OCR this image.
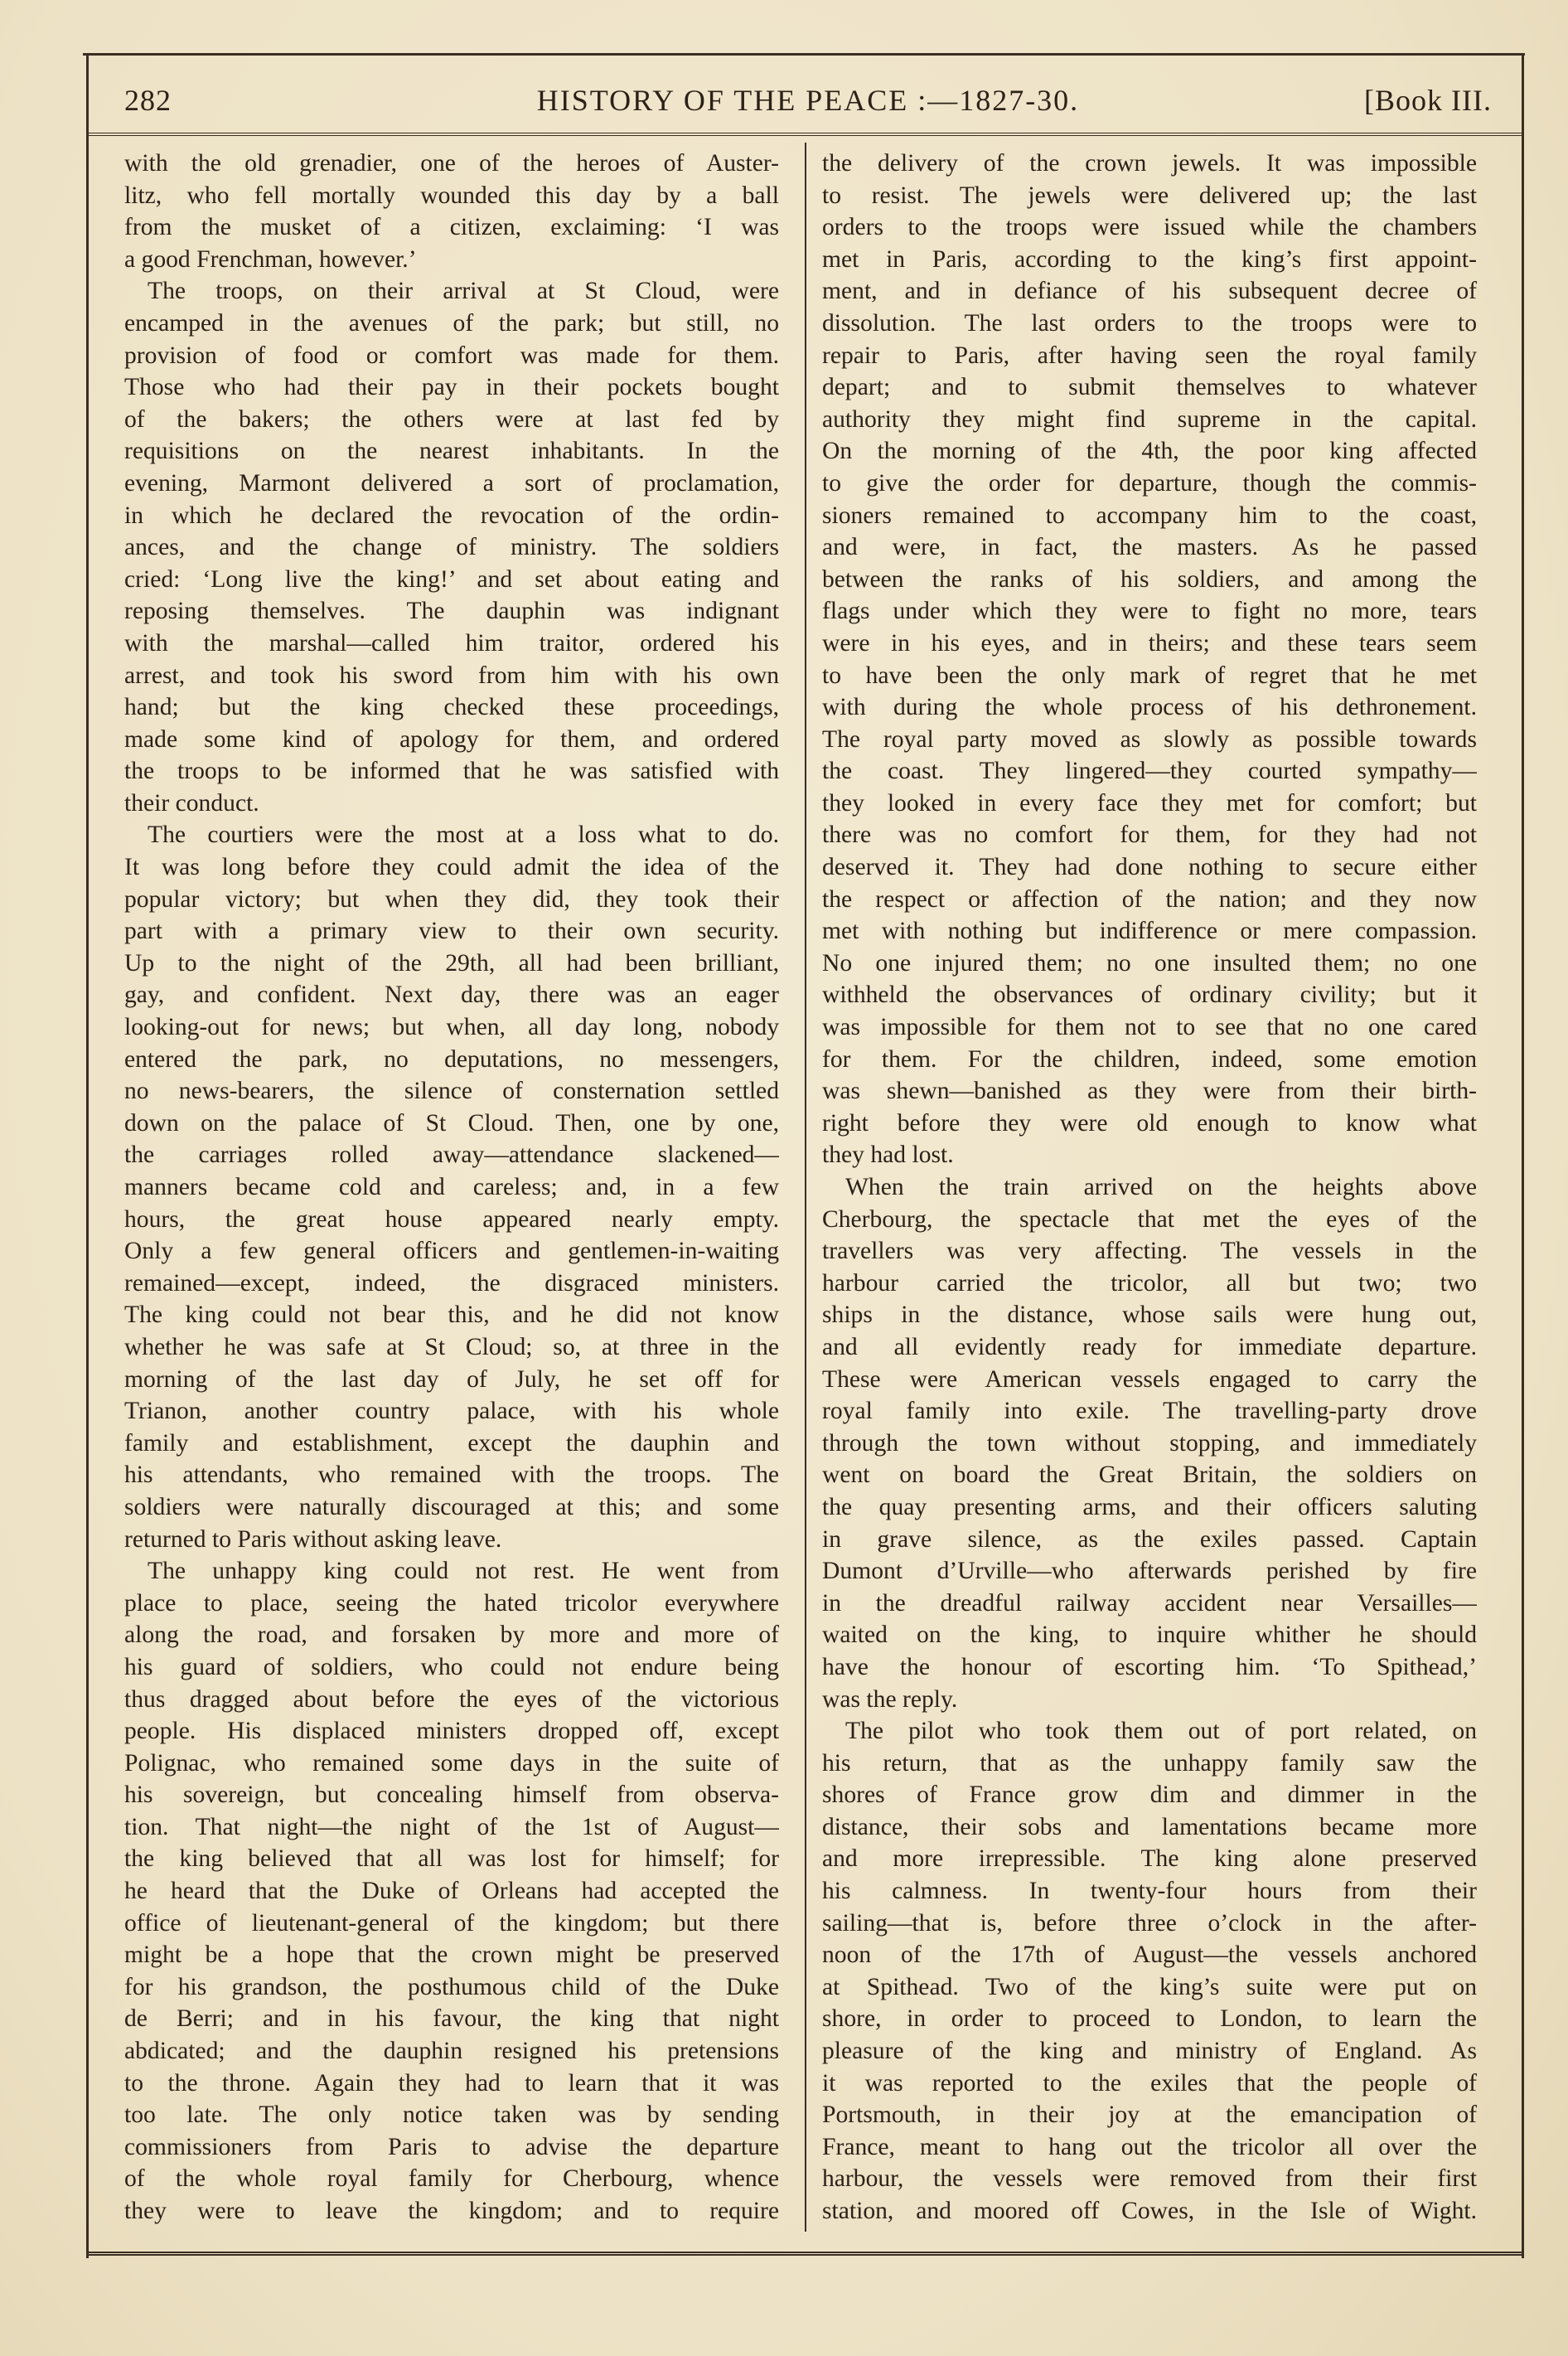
282	HISTORY OF THE PEACE :—1827-30.	[Book III.
with the old grenadier, one of the heroes of Auster-
litz, who fell mortally wounded this day by a ball
from the musket of a citizen, exclaiming: ‘I was
a good Frenchman, however.’
The troops, on their arrival at St Cloud, were
encamped in the avenues of the park; but still, no
provision of food or comfort was made for them.
Those who had their pay in their pockets bought
of the bakers; the others were at last fed by
requisitions on the nearest inhabitants. In the
evening, Marmont delivered a sort of proclamation,
in which he declared the revocation of the ordin-
ances, and the change of ministry. The soldiers
cried: ‘Long live the king!’ and set about eating and
reposing themselves. The dauphin was indignant
with the marshal—called him traitor, ordered his
arrest, and took his sword from him with his own
hand; but the king checked these proceedings,
made some kind of apology for them, and ordered
the troops to be informed that he was satisfied with
their conduct.
The courtiers were the most at a loss what to do.
It was long before they could admit the idea of the
popular victory; but when they did, they took their
part with a primary view to their own security.
Up to the night of the 29th, all had been brilliant,
gay, and confident. Next day, there was an eager
looking-out for news; but when, all day long, nobody
entered the park, no deputations, no messengers,
no news-bearers, the silence of consternation settled
down on the palace of St Cloud. Then, one by one,
the carriages rolled away—attendance slackened—
manners became cold and careless; and, in a few
hours, the great house appeared nearly empty.
Only a few general officers and gentlemen-in-waiting
remained—except, indeed, the disgraced ministers.
The king could not bear this, and he did not know
whether he was safe at St Cloud; so, at three in the
morning of the last day of July, he set off for
Trianon, another country palace, with his whole
family and establishment, except the dauphin and
his attendants, who remained with the troops. The
soldiers were naturally discouraged at this; and some
returned to Paris without asking leave.
The unhappy king could not rest. He went from
place to place, seeing the hated tricolor everywhere
along the road, and forsaken by more and more of
his guard of soldiers, who could not endure being
thus dragged about before the eyes of the victorious
people. His displaced ministers dropped off, except
Polignac, who remained some days in the suite of
his sovereign, but concealing himself from observa-
tion. That night—the night of the 1st of August—
the king believed that all was lost for himself; for
he heard that the Duke of Orleans had accepted the
office of lieutenant-general of the kingdom; but there
might be a hope that the crown might be preserved
for his grandson, the posthumous child of the Duke
de Berri; and in his favour, the king that night
abdicated; and the dauphin resigned his pretensions
to the throne. Again they had to learn that it was
too late. The only notice taken was by sending
commissioners from Paris to advise the departure
of the whole royal family for Cherbourg, whence
they were to leave the kingdom; and to require
the delivery of the crown jewels. It was impossible
to resist. The jewels were delivered up; the last
orders to the troops were issued while the chambers
met in Paris, according to the king’s first appoint-
ment, and in defiance of his subsequent decree of
dissolution. The last orders to the troops were to
repair to Paris, after having seen the royal family
depart; and to submit themselves to whatever
authority they might find supreme in the capital.
On the morning of the 4th, the poor king affected
to give the order for departure, though the commis-
sioners remained to accompany him to the coast,
and were, in fact, the masters. As he passed
between the ranks of his soldiers, and among the
flags under which they were to fight no more, tears
were in his eyes, and in theirs; and these tears seem
to have been the only mark of regret that he met
with during the whole process of his dethronement.
The royal party moved as slowly as possible towards
the coast. They lingered—they courted sympathy—
they looked in every face they met for comfort; but
there was no comfort for them, for they had not
deserved it. They had done nothing to secure either
the respect or affection of the nation; and they now
met with nothing but indifference or mere compassion.
No one injured them; no one insulted them; no one
withheld the observances of ordinary civility; but it
was impossible for them not to see that no one cared
for them. For the children, indeed, some emotion
was shewn—banished as they were from their birth-
right before they were old enough to know what
they had lost.
When the train arrived on the heights above
Cherbourg, the spectacle that met the eyes of the
travellers was very affecting. The vessels in the
harbour carried the tricolor, all but two; two
ships in the distance, whose sails were hung out,
and all evidently ready for immediate departure.
These were American vessels engaged to carry the
royal family into exile. The travelling-party drove
through the town without stopping, and immediately
went on board the Great Britain, the soldiers on
the quay presenting arms, and their officers saluting
in grave silence, as the exiles passed. Captain
Dumont d’Urville—who afterwards perished by fire
in the dreadful railway accident near Versailles—
waited on the king, to inquire whither he should
have the honour of escorting him. ‘To Spithead,’
was the reply.
The pilot who took them out of port related, on
his return, that as the unhappy family saw the
shores of France grow dim and dimmer in the
distance, their sobs and lamentations became more
and more irrepressible. The king alone preserved
his calmness. In twenty-four hours from their
sailing—that is, before three o’clock in the after-
noon of the 17th of August—the vessels anchored
at Spithead. Two of the king’s suite were put on
shore, in order to proceed to London, to learn the
pleasure of the king and ministry of England. As
it was reported to the exiles that the people of
Portsmouth, in their joy at the emancipation of
France, meant to hang out the tricolor all over the
harbour, the vessels were removed from their first
station, and moored off Cowes, in the Isle of Wight.
